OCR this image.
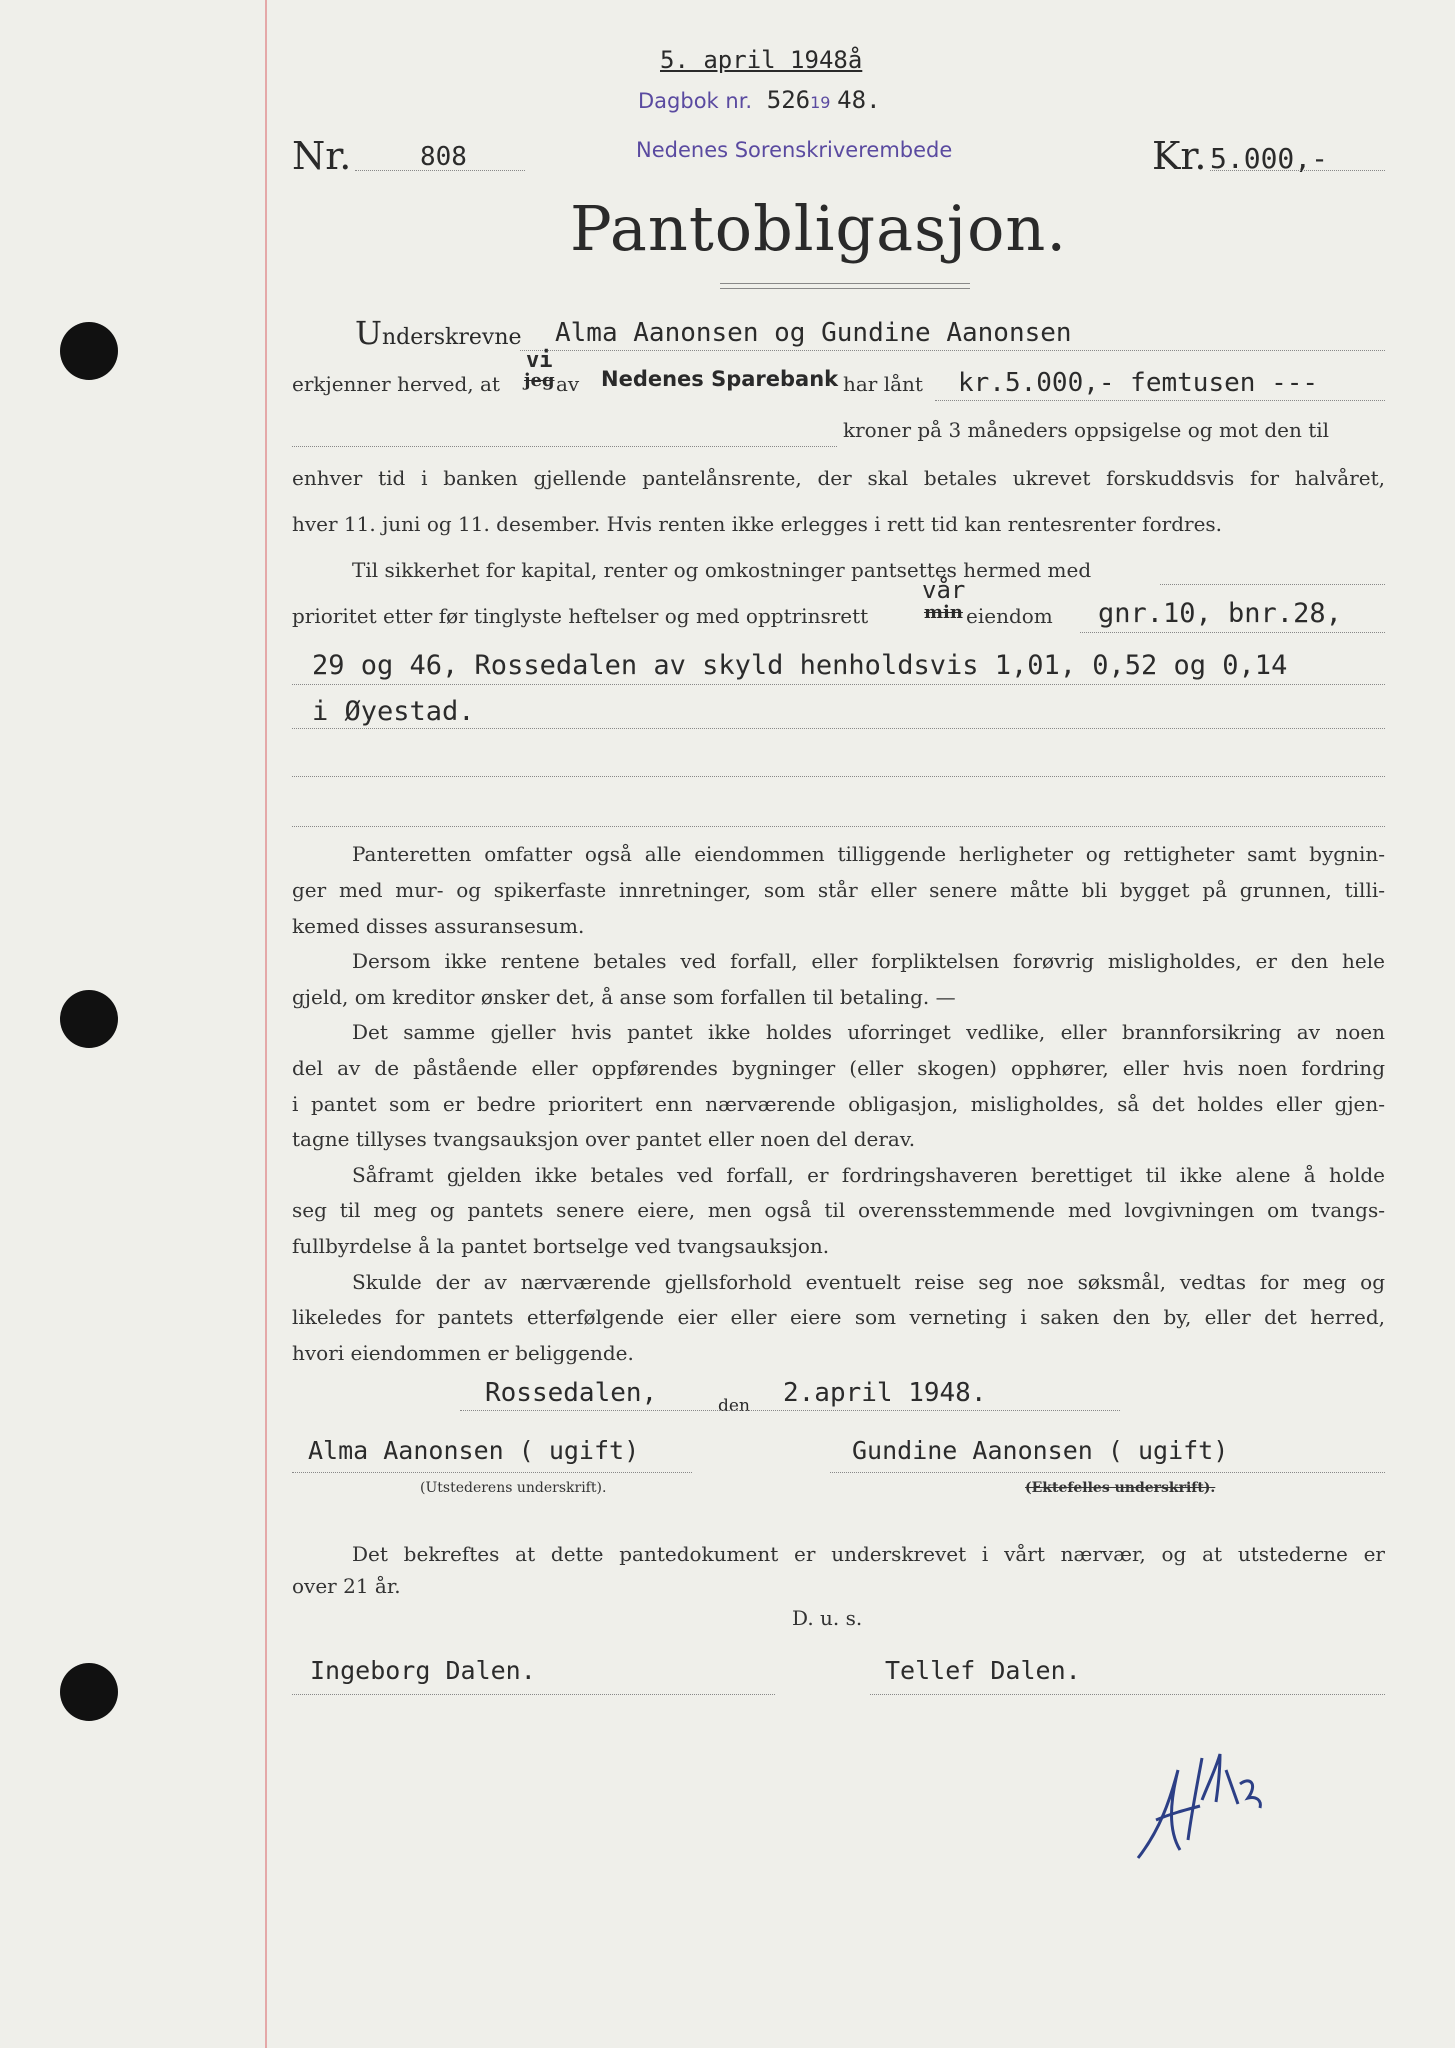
5. april 1948å
Dagbok nr. 52619 48.
Nedenes Sorenskriverembede
Nr.	808	Kr. 5.000,-
Pantobligasjon.
Underskrevne Alma Aanonsen og Gundine Aanonsen
erkjenner herved, at
vi
jeg av Nedenes Sparebank har lånt kr.5.000,- femtusen ---
kroner på 3 måneders oppsigelse og mot den til
enhver tid i banken gjellende pantelånsrente, der skal betales ukrevet forskuddsvis for halvåret,
hver 11. juni og 11. desember. Hvis renten ikke erlegges i rett tid kan rentesrenter fordres.
Til sikkerhet for kapital, renter og omkostninger pantsettes hermed med
prioritet etter før tinglyste heftelser og med opptrinsrett
vår
min eiendom gnr.10, bnr.28,
29 og 46, Rossedalen av skyld henholdsvis 1,01, 0,52 og 0,14
i Øyestad.
Panteretten omfatter også alle eiendommen tilliggende herligheter og rettigheter samt bygnin-
ger med mur- og spikerfaste innretninger, som står eller senere måtte bli bygget på grunnen, tilli-
kemed disses assuransesum.
Dersom ikke rentene betales ved forfall, eller forpliktelsen forøvrig misligholdes, er den hele
gjeld, om kreditor ønsker det, å anse som forfallen til betaling. —
Det samme gjeller hvis pantet ikke holdes uforringet vedlike, eller brannforsikring av noen
del av de påstående eller oppførendes bygninger (eller skogen) opphører, eller hvis noen fordring
i pantet som er bedre prioritert enn nærværende obligasjon, misligholdes, så det holdes eller gjen-
tagne tillyses tvangsauksjon over pantet eller noen del derav.
Såframt gjelden ikke betales ved forfall, er fordringshaveren berettiget til ikke alene å holde
seg til meg og pantets senere eiere, men også til overensstemmende med lovgivningen om tvangs-
fullbyrdelse å la pantet bortselge ved tvangsauksjon.
Skulde der av nærværende gjellsforhold eventuelt reise seg noe søksmål, vedtas for meg og
likeledes for pantets etterfølgende eier eller eiere som verneting i saken den by, eller det herred,
hvori eiendommen er beliggende.
Rossedalen,	den 2.april 1948.
Alma Aanonsen ( ugift)	Gundine Aanonsen ( ugift)
(Utstederens underskrift).	(Ektefelles underskrift).
Det bekreftes at dette pantedokument er underskrevet i vårt nærvær, og at utstederne er
over 21 år.
D. u. s.
Ingeborg Dalen.	Tellef Dalen.
